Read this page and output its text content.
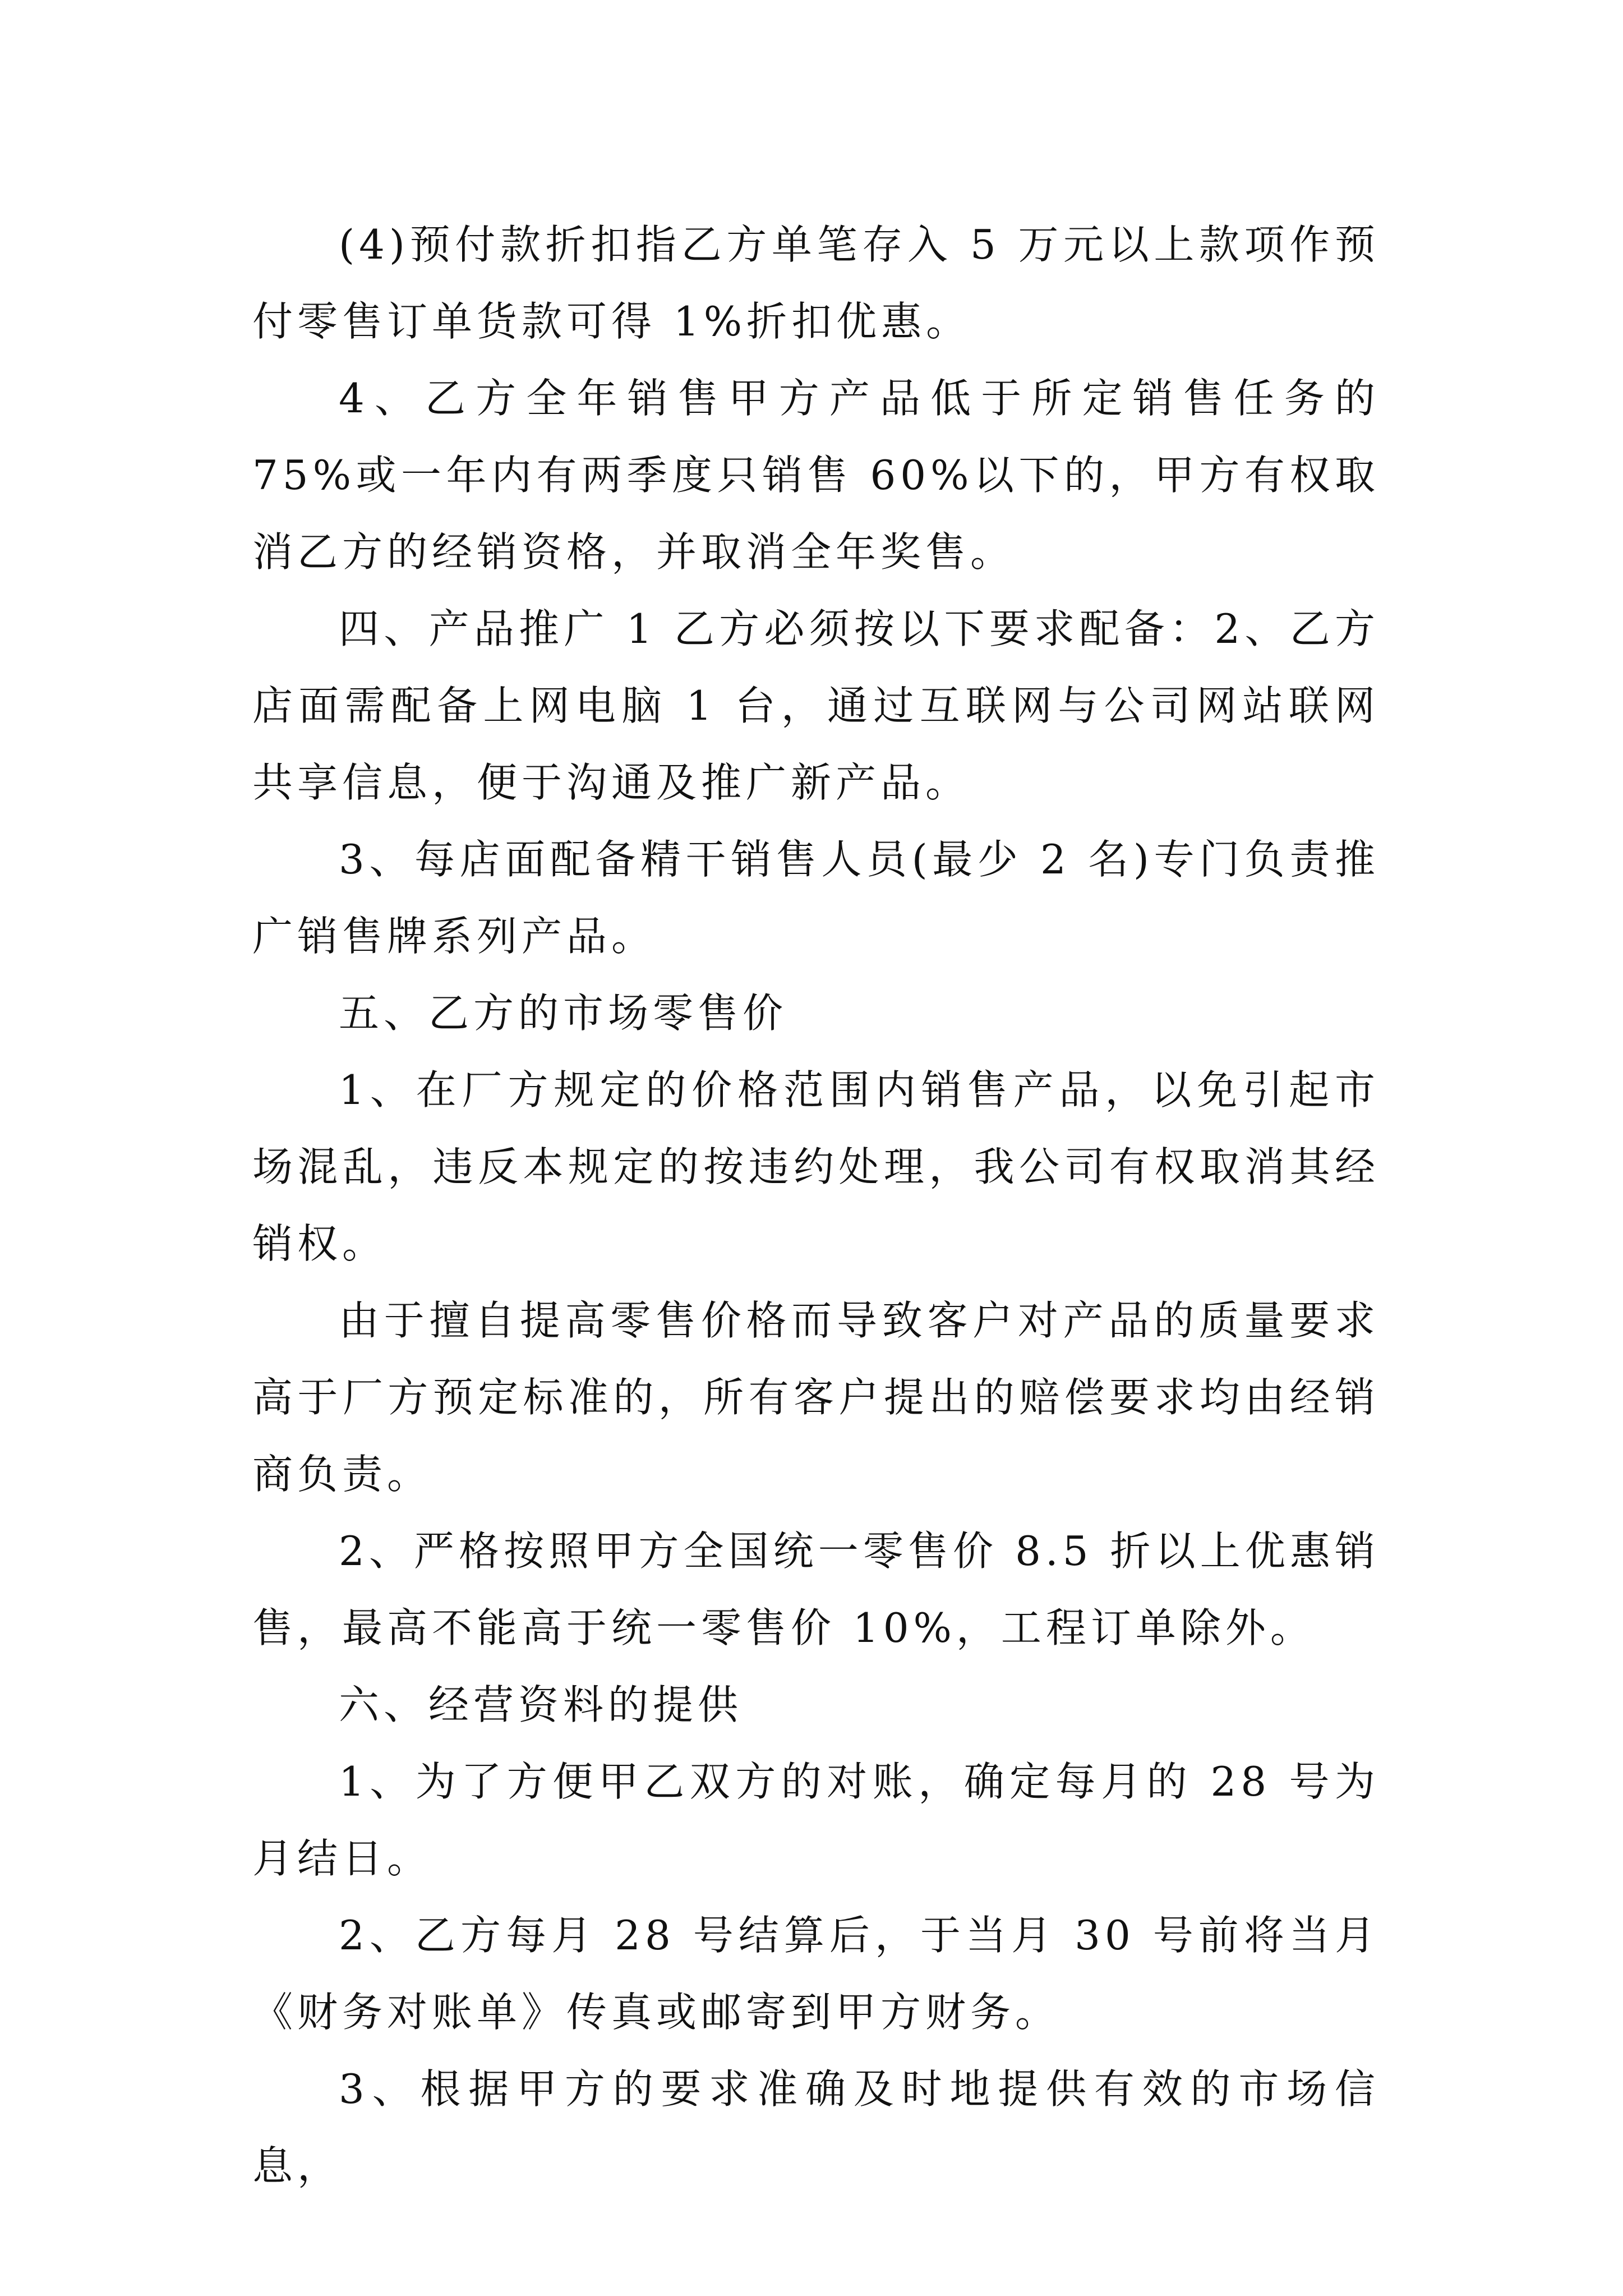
(4)预付款折扣指乙方单笔存入 5 万元以上款项作预付零售订单货款可得 1%折扣优惠。

4、乙方全年销售甲方产品低于所定销售任务的 75%或一年内有两季度只销售 60%以下的，甲方有权取消乙方的经销资格，并取消全年奖售。

四、产品推广 1 乙方必须按以下要求配备：2、乙方店面需配备上网电脑 1 台，通过互联网与公司网站联网共享信息，便于沟通及推广新产品。

3、每店面配备精干销售人员(最少 2 名)专门负责推广销售牌系列产品。

五、乙方的市场零售价

1、在厂方规定的价格范围内销售产品，以免引起市场混乱，违反本规定的按违约处理，我公司有权取消其经销权。

由于擅自提高零售价格而导致客户对产品的质量要求高于厂方预定标准的，所有客户提出的赔偿要求均由经销商负责。

2、严格按照甲方全国统一零售价 8.5 折以上优惠销售，最高不能高于统一零售价 10%，工程订单除外。

六、经营资料的提供

1、为了方便甲乙双方的对账，确定每月的 28 号为月结日。

2、乙方每月 28 号结算后，于当月 30 号前将当月《财务对账单》传真或邮寄到甲方财务。

3、根据甲方的要求准确及时地提供有效的市场信息，
